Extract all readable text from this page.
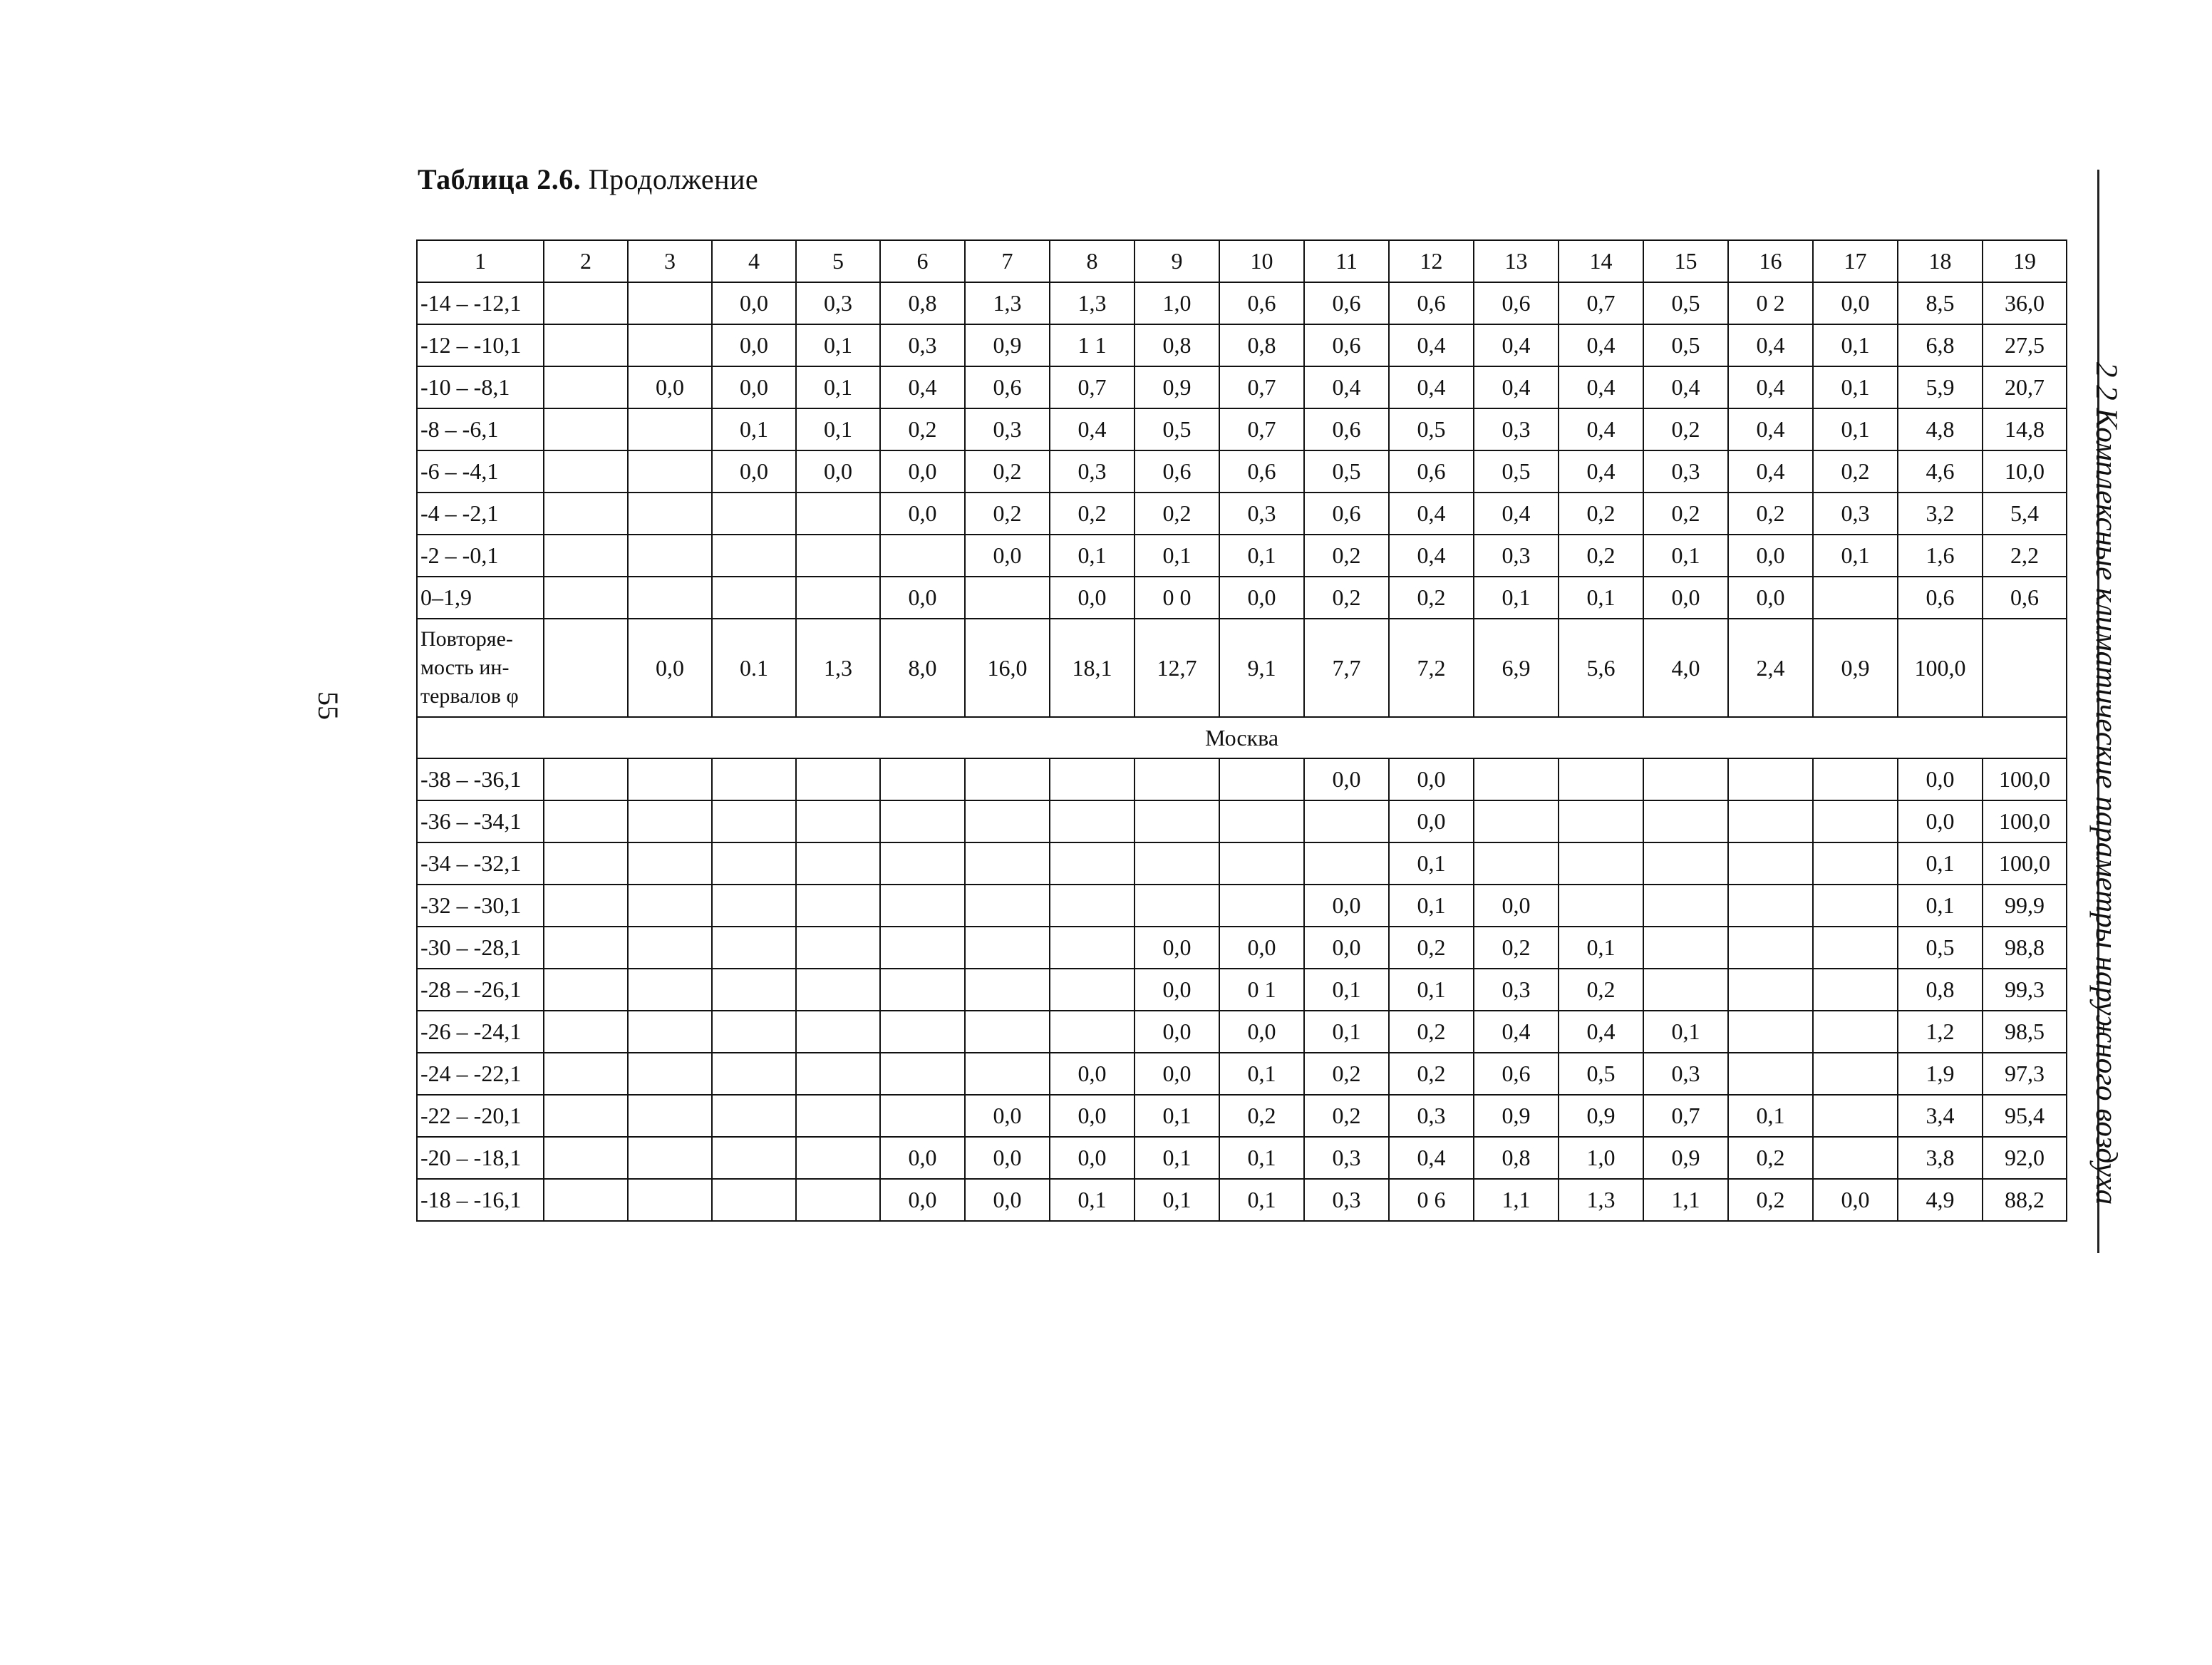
Таблица 2.6. Продолжение
55	2 2 Комплексные климатические параметры наружного воздуха
1	2	3	4	5	6	7	8	9	10	11	12	13	14	15	16	17	18	19
-14 – -12,1			0,0	0,3	0,8	1,3	1,3	1,0	0,6	0,6	0,6	0,6	0,7	0,5	0 2	0,0	8,5	36,0
-12 – -10,1			0,0	0,1	0,3	0,9	1 1	0,8	0,8	0,6	0,4	0,4	0,4	0,5	0,4	0,1	6,8	27,5
-10 – -8,1		0,0	0,0	0,1	0,4	0,6	0,7	0,9	0,7	0,4	0,4	0,4	0,4	0,4	0,4	0,1	5,9	20,7
-8 – -6,1			0,1	0,1	0,2	0,3	0,4	0,5	0,7	0,6	0,5	0,3	0,4	0,2	0,4	0,1	4,8	14,8
-6 – -4,1			0,0	0,0	0,0	0,2	0,3	0,6	0,6	0,5	0,6	0,5	0,4	0,3	0,4	0,2	4,6	10,0
-4 – -2,1					0,0	0,2	0,2	0,2	0,3	0,6	0,4	0,4	0,2	0,2	0,2	0,3	3,2	5,4
-2 – -0,1						0,0	0,1	0,1	0,1	0,2	0,4	0,3	0,2	0,1	0,0	0,1	1,6	2,2
0–1,9					0,0		0,0	0 0	0,0	0,2	0,2	0,1	0,1	0,0	0,0		0,6	0,6
Повторяе-мость ин-тервалов φ		0,0	0.1	1,3	8,0	16,0	18,1	12,7	9,1	7,7	7,2	6,9	5,6	4,0	2,4	0,9	100,0	
Москва																		
-38 – -36,1										0,0	0,0						0,0	100,0
-36 – -34,1											0,0						0,0	100,0
-34 – -32,1											0,1						0,1	100,0
-32 – -30,1										0,0	0,1	0,0					0,1	99,9
-30 – -28,1								0,0	0,0	0,0	0,2	0,2	0,1				0,5	98,8
-28 – -26,1								0,0	0 1	0,1	0,1	0,3	0,2				0,8	99,3
-26 – -24,1								0,0	0,0	0,1	0,2	0,4	0,4	0,1			1,2	98,5
-24 – -22,1							0,0	0,0	0,1	0,2	0,2	0,6	0,5	0,3			1,9	97,3
-22 – -20,1						0,0	0,0	0,1	0,2	0,2	0,3	0,9	0,9	0,7	0,1		3,4	95,4
-20 – -18,1					0,0	0,0	0,0	0,1	0,1	0,3	0,4	0,8	1,0	0,9	0,2		3,8	92,0
-18 – -16,1					0,0	0,0	0,1	0,1	0,1	0,3	0 6	1,1	1,3	1,1	0,2	0,0	4,9	88,2
